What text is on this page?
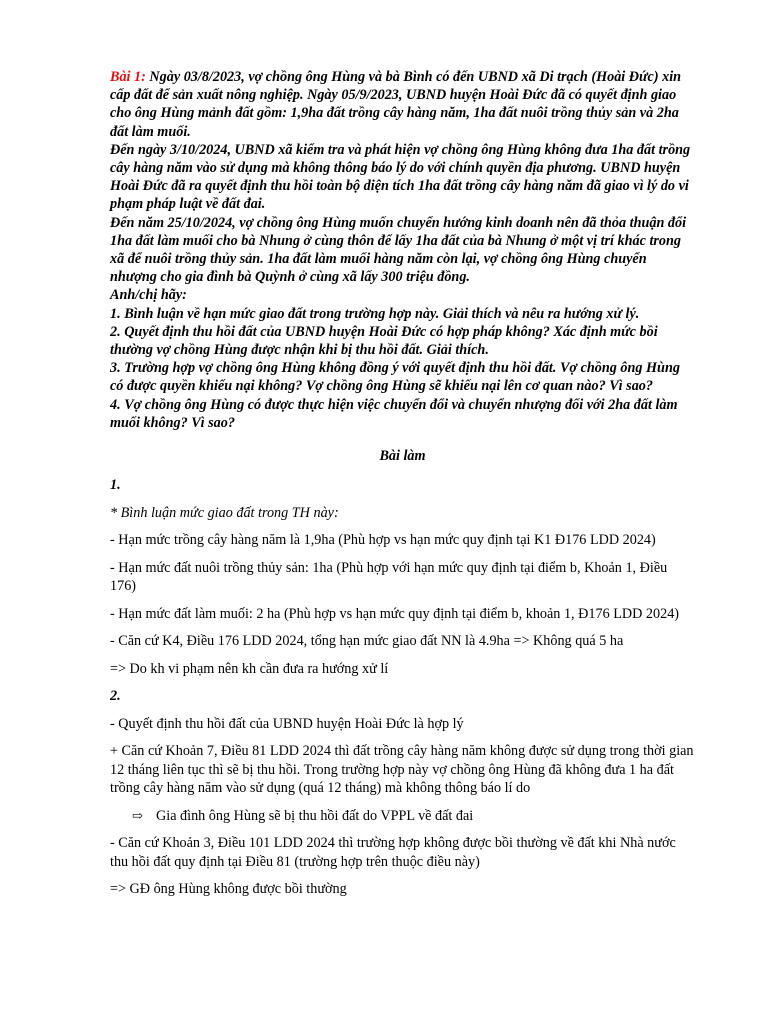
Bài 1: Ngày 03/8/2023, vợ chồng ông Hùng và bà Bình có đến UBND xã Di trạch (Hoài Đức) xin cấp đất để sản xuất nông nghiệp. Ngày 05/9/2023, UBND huyện Hoài Đức đã có quyết định giao cho ông Hùng mảnh đất gồm: 1,9ha đất trồng cây hàng năm, 1ha đất nuôi trồng thủy sản và 2ha đất làm muối.

Đến ngày 3/10/2024, UBND xã kiểm tra và phát hiện vợ chồng ông Hùng không đưa 1ha đất trồng cây hàng năm vào sử dụng mà không thông báo lý do với chính quyền địa phương. UBND huyện Hoài Đức đã ra quyết định thu hồi toàn bộ diện tích 1ha đất trồng cây hàng năm đã giao vì lý do vi phạm pháp luật về đất đai.

Đến năm 25/10/2024, vợ chồng ông Hùng muốn chuyển hướng kinh doanh nên đã thỏa thuận đổi 1ha đất làm muối cho bà Nhung ở cùng thôn để lấy 1ha đất của bà Nhung ở một vị trí khác trong xã để nuôi trồng thủy sản. 1ha đất làm muối hàng năm còn lại, vợ chồng ông Hùng chuyển nhượng cho gia đình bà Quỳnh ở cùng xã lấy 300 triệu đồng.

Anh/chị hãy:

1. Bình luận về hạn mức giao đất trong trường hợp này. Giải thích và nêu ra hướng xử lý.

2. Quyết định thu hồi đất của UBND huyện Hoài Đức có hợp pháp không? Xác định mức bồi thường vợ chồng Hùng được nhận khi bị thu hồi đất. Giải thích.

3. Trường hợp vợ chồng ông Hùng không đồng ý với quyết định thu hồi đất. Vợ chồng ông Hùng có được quyền khiếu nại không? Vợ chồng ông Hùng sẽ khiếu nại lên cơ quan nào? Vì sao?

4. Vợ chồng ông Hùng có được thực hiện việc chuyển đổi và chuyển nhượng đối với 2ha đất làm muối không? Vì sao?

Bài làm

1.

* Bình luận mức giao đất trong TH này:

- Hạn mức trồng cây hàng năm là 1,9ha (Phù hợp vs hạn mức quy định tại K1 Đ176 LDD 2024)

- Hạn mức đất nuôi trồng thủy sản: 1ha (Phù hợp với hạn mức quy định tại điểm b, Khoản 1, Điều 176)

- Hạn mức đất làm muối: 2 ha (Phù hợp vs hạn mức quy định tại điểm b, khoản 1, Đ176 LDD 2024)

- Căn cứ K4, Điều 176 LDD 2024, tổng hạn mức giao đất NN là 4.9ha => Không quá 5 ha

=> Do kh vi phạm nên kh cần đưa ra hướng xử lí

2.

- Quyết định thu hồi đất của UBND huyện Hoài Đức là hợp lý

+ Căn cứ Khoản 7, Điều 81 LDD 2024 thì đất trồng cây hàng năm không được sử dụng trong thời gian 12 tháng liên tục thì sẽ bị thu hồi. Trong trường hợp này vợ chồng ông Hùng đã không đưa 1 ha đất trồng cây hàng năm vào sử dụng (quá 12 tháng) mà không thông báo lí do

⇨ Gia đình ông Hùng sẽ bị thu hồi đất do VPPL về đất đai

- Căn cứ Khoản 3, Điều 101 LDD 2024 thì trường hợp không được bồi thường về đất khi Nhà nước thu hồi đất quy định tại Điều 81 (trường hợp trên thuộc điều này)

=> GĐ ông Hùng không được bồi thường
